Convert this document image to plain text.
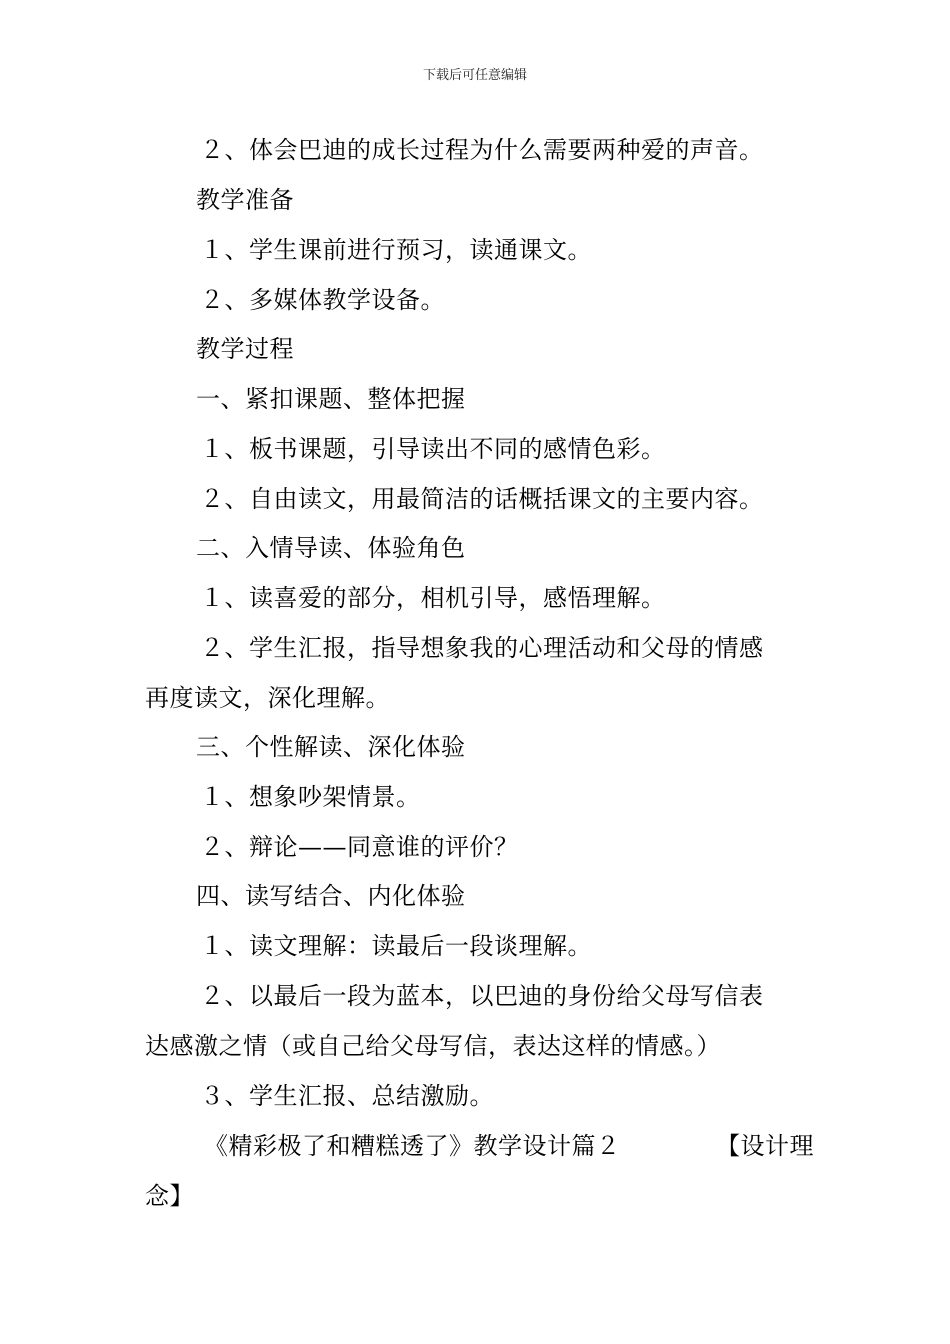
下载后可任意编辑
２、体会巴迪的成长过程为什么需要两种爱的声音。
教学准备
１、学生课前进行预习，读通课文。
２、多媒体教学设备。
教学过程
一、紧扣课题、整体把握
１、板书课题，引导读出不同的感情色彩。
２、自由读文，用最简洁的话概括课文的主要内容。
二、入情导读、体验角色
１、读喜爱的部分，相机引导，感悟理解。
２、学生汇报，指导想象我的心理活动和父母的情感
再度读文，深化理解。
三、个性解读、深化体验
１、想象吵架情景。
２、辩论——同意谁的评价？
四、读写结合、内化体验
１、读文理解：读最后一段谈理解。
２、以最后一段为蓝本，以巴迪的身份给父母写信表
达感激之情（或自己给父母写信，表达这样的情感。）
３、学生汇报、总结激励。
《精彩极了和糟糕透了》教学设计篇２	【设计理
念】
